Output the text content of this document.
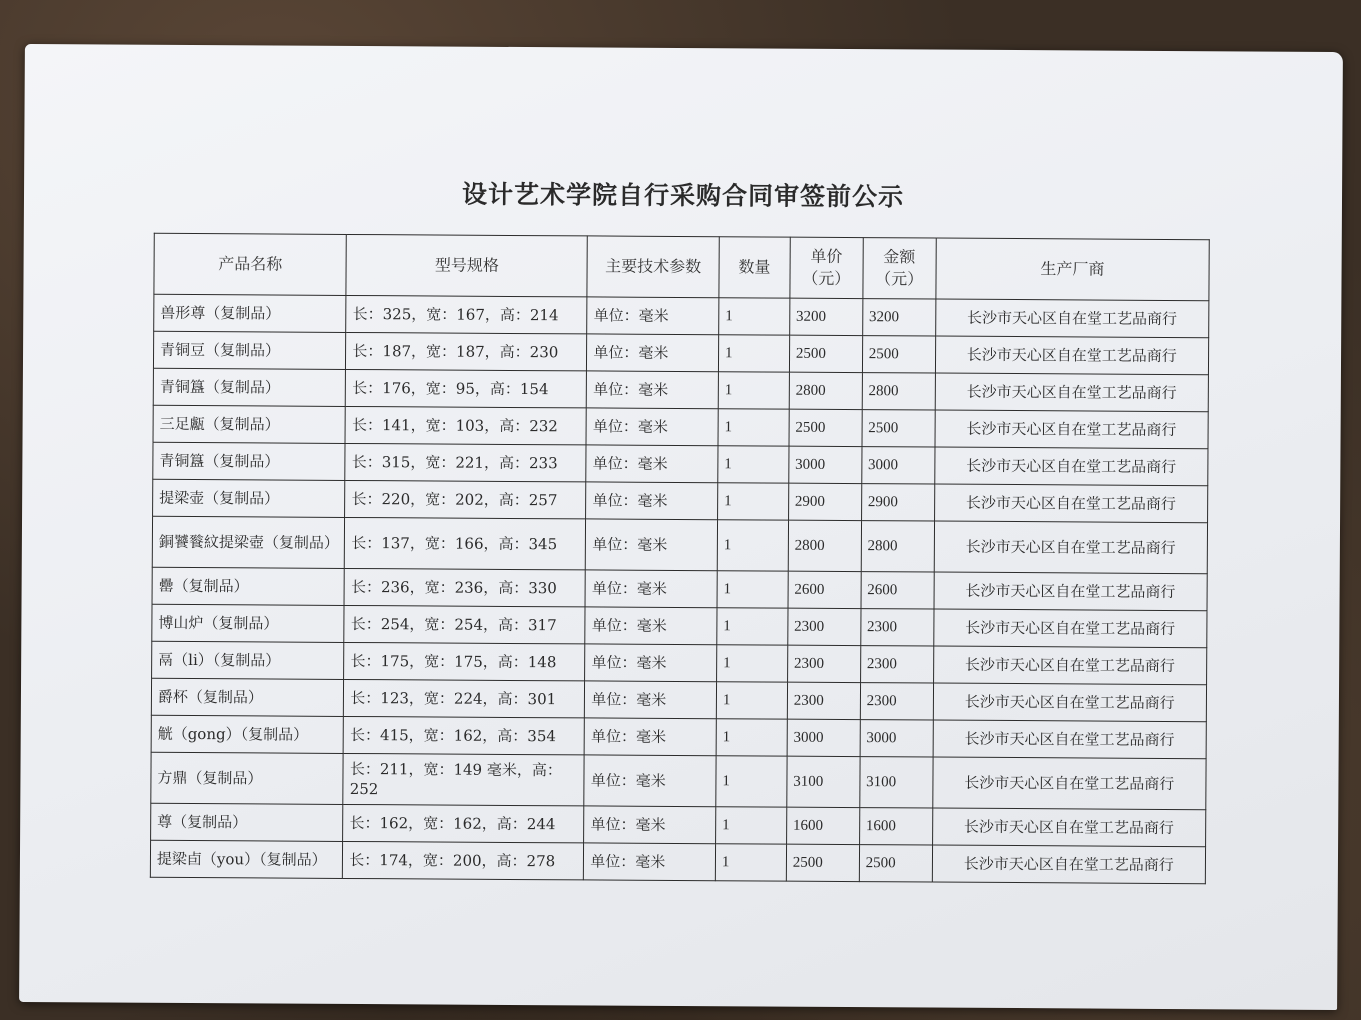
设计艺术学院自行采购合同审签前公示
产品名称	型号规格	主要技术参数	数量	单价（元）	金额（元）	生产厂商
兽形尊（复制品）	长：325，宽：167，高：214	单位：毫米	1	3200	3200	长沙市天心区自在堂工艺品商行
青铜豆（复制品）	长：187，宽：187，高：230	单位：毫米	1	2500	2500	长沙市天心区自在堂工艺品商行
青铜簋（复制品）	长：176，宽：95，高：154	单位：毫米	1	2800	2800	长沙市天心区自在堂工艺品商行
三足甗（复制品）	长：141，宽：103，高：232	单位：毫米	1	2500	2500	长沙市天心区自在堂工艺品商行
青铜簋（复制品）	长：315，宽：221，高：233	单位：毫米	1	3000	3000	长沙市天心区自在堂工艺品商行
提梁壶（复制品）	长：220，宽：202，高：257	单位：毫米	1	2900	2900	长沙市天心区自在堂工艺品商行
銅饕餮紋提梁壺（复制品）	长：137，宽：166，高：345	单位：毫米	1	2800	2800	长沙市天心区自在堂工艺品商行
罍（复制品）	长：236，宽：236，高：330	单位：毫米	1	2600	2600	长沙市天心区自在堂工艺品商行
博山炉（复制品）	长：254，宽：254，高：317	单位：毫米	1	2300	2300	长沙市天心区自在堂工艺品商行
鬲（li）（复制品）	长：175，宽：175，高：148	单位：毫米	1	2300	2300	长沙市天心区自在堂工艺品商行
爵杯（复制品）	长：123，宽：224，高：301	单位：毫米	1	2300	2300	长沙市天心区自在堂工艺品商行
觥（gong）（复制品）	长：415，宽：162，高：354	单位：毫米	1	3000	3000	长沙市天心区自在堂工艺品商行
方鼎（复制品）	长：211，宽：149 毫米，高：252	单位：毫米	1	3100	3100	长沙市天心区自在堂工艺品商行
尊（复制品）	长：162，宽：162，高：244	单位：毫米	1	1600	1600	长沙市天心区自在堂工艺品商行
提梁卣（you）（复制品）	长：174，宽：200，高：278	单位：毫米	1	2500	2500	长沙市天心区自在堂工艺品商行
